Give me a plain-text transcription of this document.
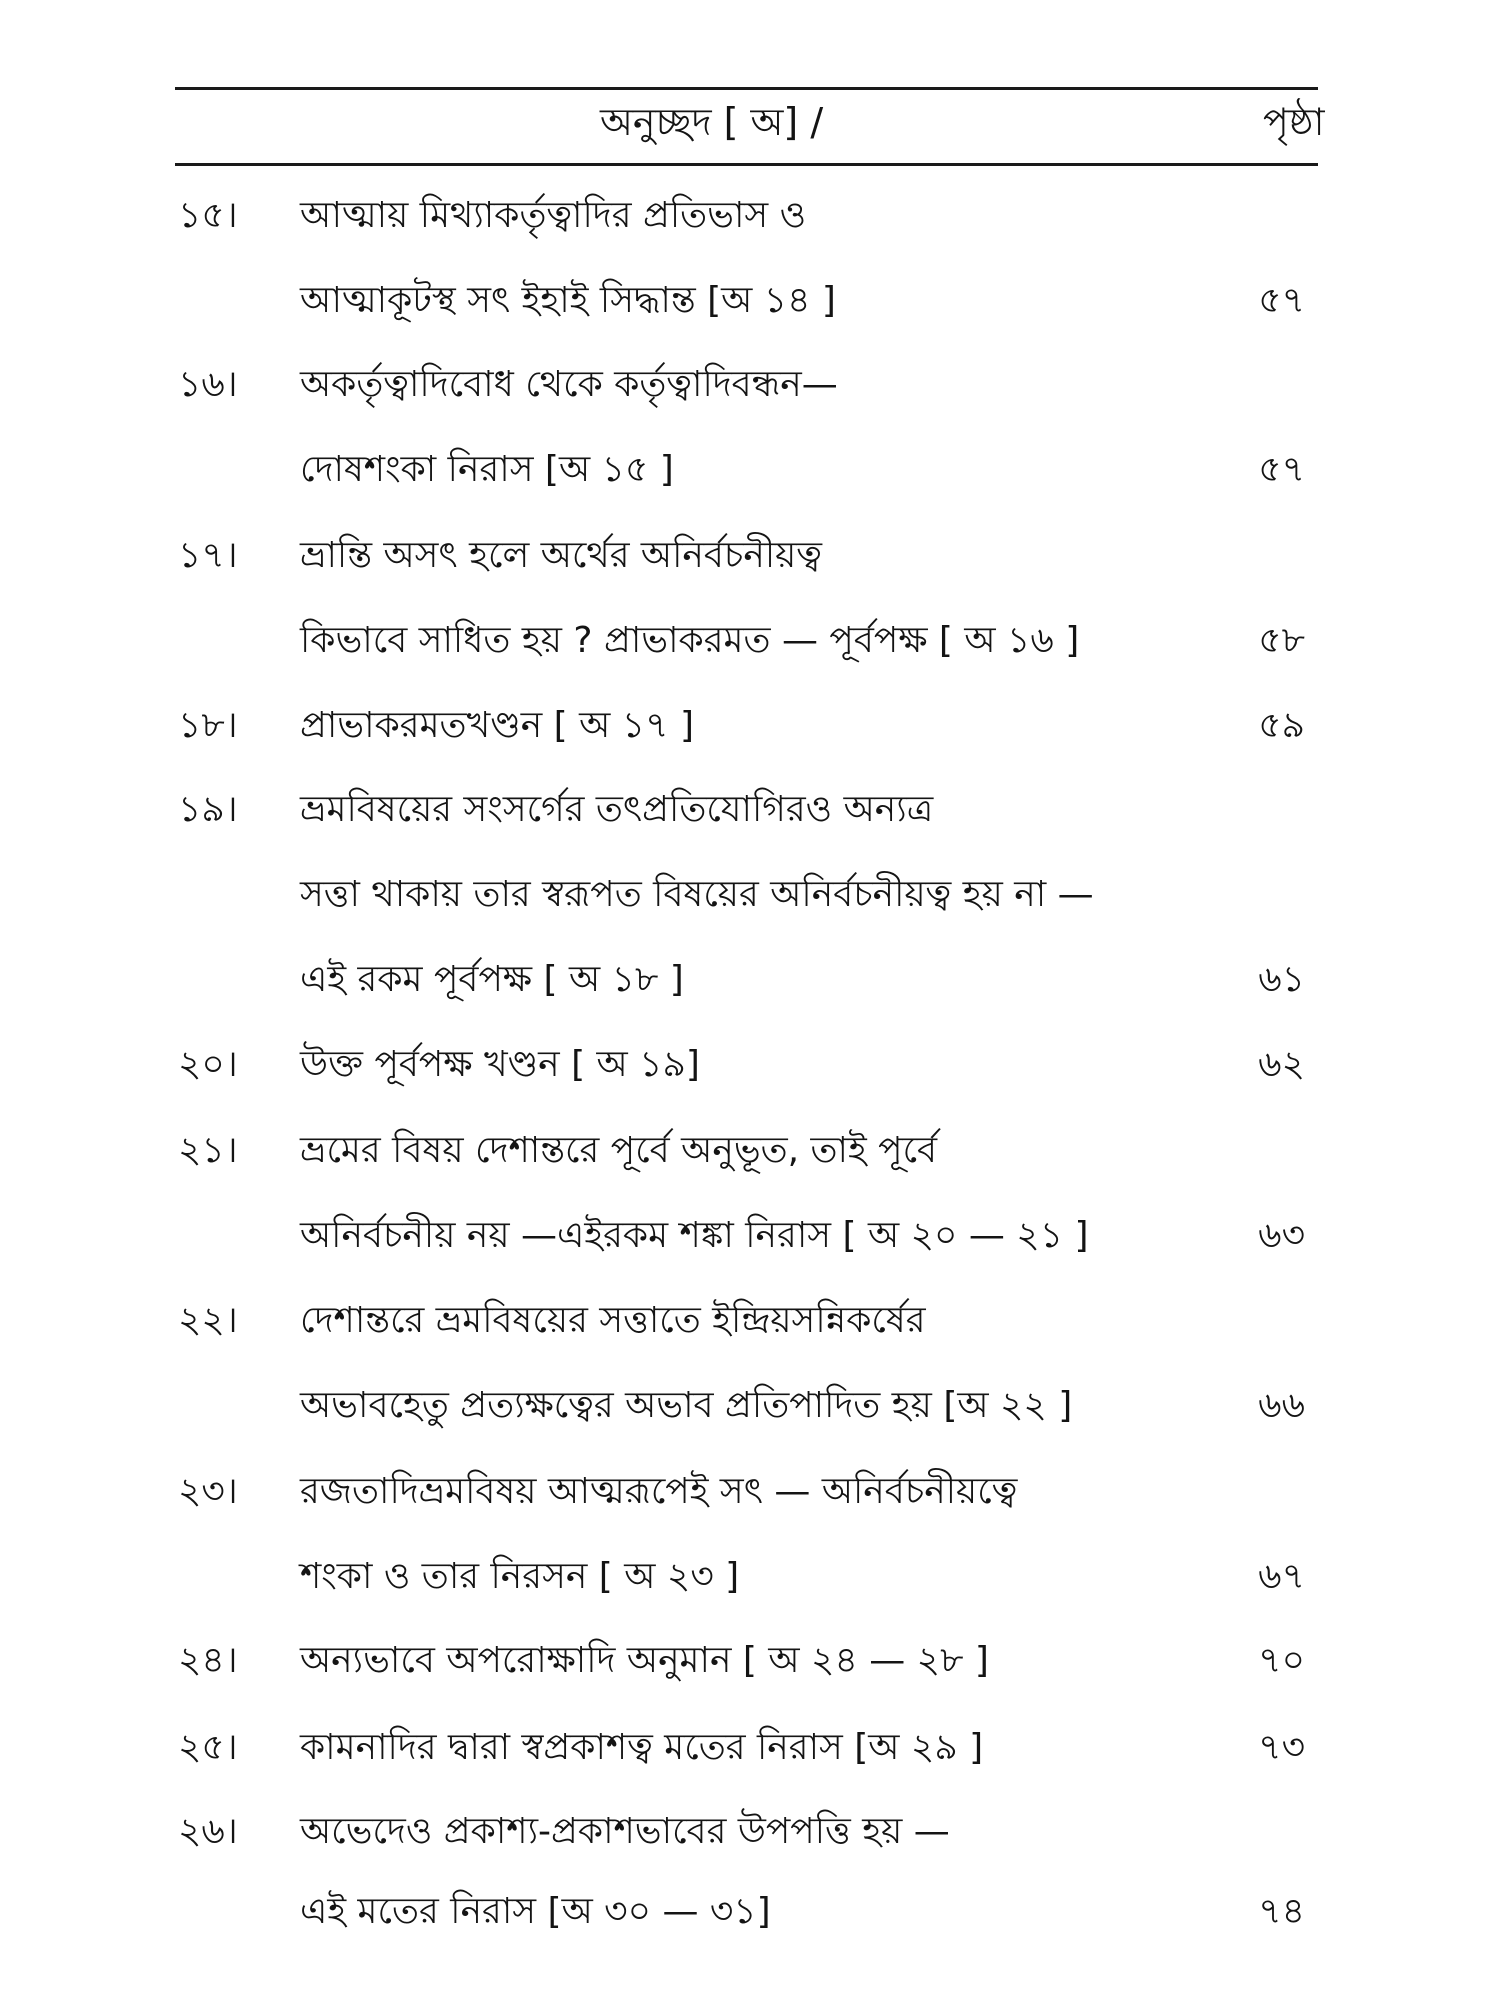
অনুচ্ছদ [ অ] /	পৃষ্ঠা
১৫।	আত্মায় মিথ্যাকর্তৃত্বাদির প্রতিভাস ও
আত্মাকূটস্থ সৎ ইহাই সিদ্ধান্ত [অ ১৪ ]	৫৭
১৬।	অকর্তৃত্বাদিবোধ থেকে কর্তৃত্বাদিবন্ধন—
দোষশংকা নিরাস [অ ১৫ ]	৫৭
১৭।	ভ্রান্তি অসৎ হলে অর্থের অনির্বচনীয়ত্ব
কিভাবে সাধিত হয় ? প্রাভাকরমত — পূর্বপক্ষ [ অ ১৬ ]	৫৮
১৮।	প্রাভাকরমতখণ্ডন [ অ ১৭ ]	৫৯
১৯।	ভ্রমবিষয়ের সংসর্গের তৎপ্রতিযোগিরও অন্যত্র
সত্তা থাকায় তার স্বরূপত বিষয়ের অনির্বচনীয়ত্ব হয় না —
এই রকম পূর্বপক্ষ [ অ ১৮ ]	৬১
২০।	উক্ত পূর্বপক্ষ খণ্ডন [ অ ১৯]	৬২
২১।	ভ্রমের বিষয় দেশান্তরে পূর্বে অনুভূত, তাই পূর্বে
অনির্বচনীয় নয় —এইরকম শঙ্কা নিরাস [ অ ২০ — ২১ ]	৬৩
২২।	দেশান্তরে ভ্রমবিষয়ের সত্তাতে ইন্দ্রিয়সন্নিকর্ষের
অভাবহেতু প্রত্যক্ষত্বের অভাব প্রতিপাদিত হয় [অ ২২ ]	৬৬
২৩।	রজতাদিভ্রমবিষয় আত্মরূপেই সৎ — অনির্বচনীয়ত্বে
শংকা ও তার নিরসন [ অ ২৩ ]	৬৭
২৪।	অন্যভাবে অপরোক্ষাদি অনুমান [ অ ২৪ — ২৮ ]	৭০
২৫।	কামনাদির দ্বারা স্বপ্রকাশত্ব মতের নিরাস [অ ২৯ ]	৭৩
২৬।	অভেদেও প্রকাশ্য-প্রকাশভাবের উপপত্তি হয় —
এই মতের নিরাস [অ ৩০ — ৩১]	৭৪
